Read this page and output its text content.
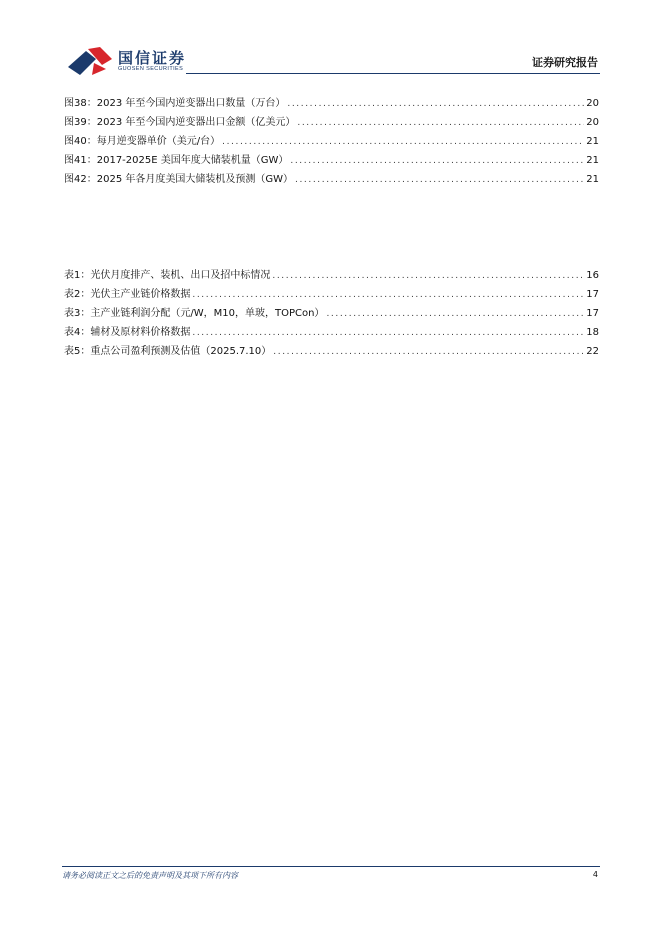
国信证券
GUOSEN SECURITIES	证券研究报告
图38： 2023 年至今国内逆变器出口数量（万台） .....	20
图39： 2023 年至今国内逆变器出口金额（亿美元） .....	20
图40： 每月逆变器单价（美元/台） .....	21
图41： 2017-2025E 美国年度大储装机量（GW） .....	21
图42： 2025 年各月度美国大储装机及预测（GW） .....	21
表1： 光伏月度排产、装机、出口及招中标情况 .....	16
表2： 光伏主产业链价格数据 .....	17
表3： 主产业链利润分配（元/W，M10，单玻，TOPCon） .....	17
表4： 辅材及原材料价格数据 .....	18
表5： 重点公司盈利预测及估值（2025.7.10） .....	22
请务必阅读正文之后的免责声明及其项下所有内容	4
